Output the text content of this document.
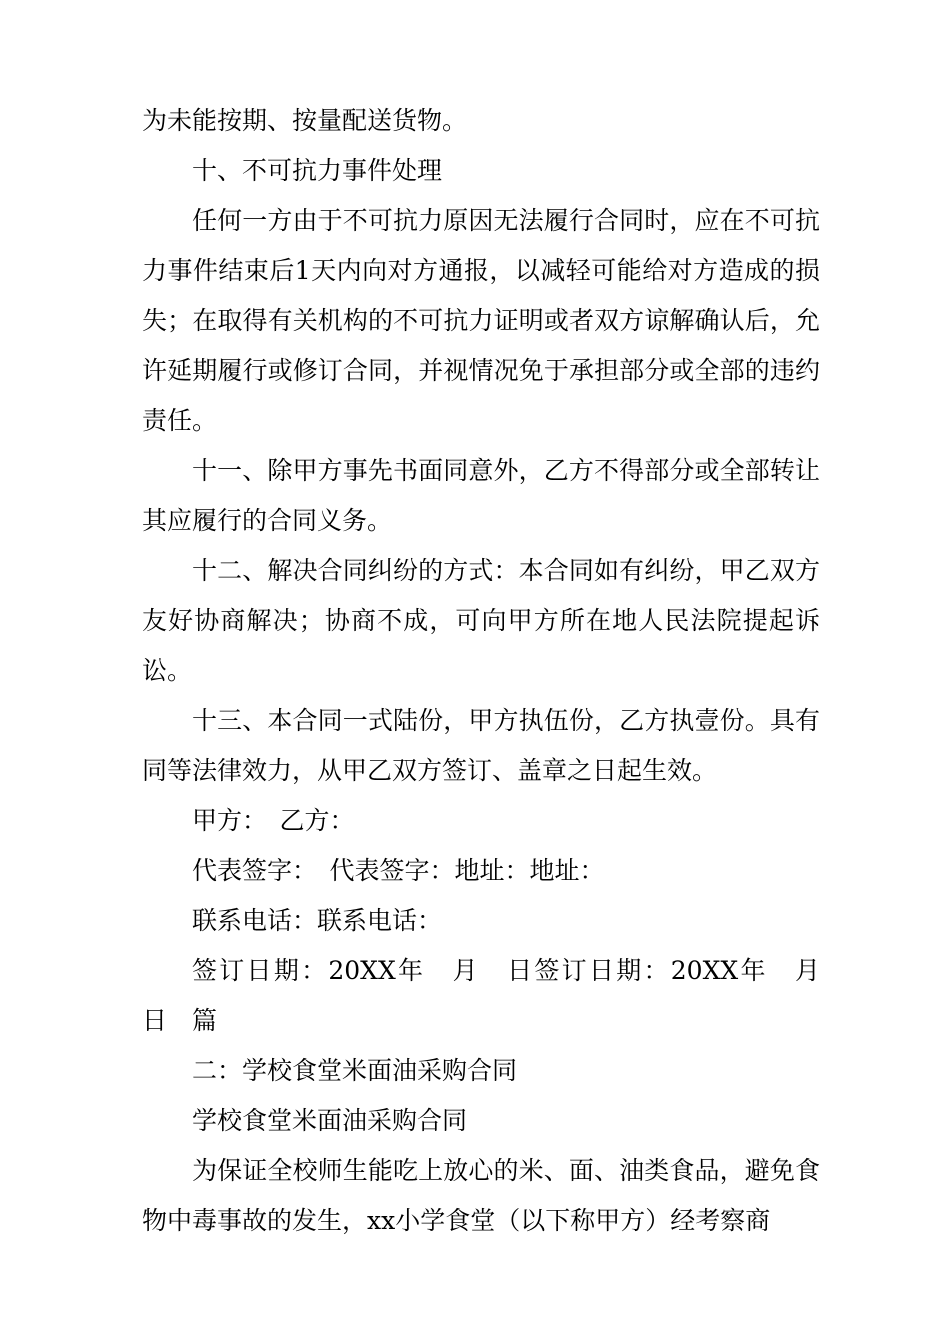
为未能按期、按量配送货物。

十、不可抗力事件处理

任何一方由于不可抗力原因无法履行合同时，应在不可抗力事件结束后1天内向对方通报，以减轻可能给对方造成的损失；在取得有关机构的不可抗力证明或者双方谅解确认后，允许延期履行或修订合同，并视情况免于承担部分或全部的违约责任。

十一、除甲方事先书面同意外，乙方不得部分或全部转让其应履行的合同义务。

十二、解决合同纠纷的方式：本合同如有纠纷，甲乙双方友好协商解决；协商不成，可向甲方所在地人民法院提起诉讼。

十三、本合同一式陆份，甲方执伍份，乙方执壹份。具有同等法律效力，从甲乙双方签订、盖章之日起生效。

甲方：　乙方：

代表签字：　代表签字：地址：地址：

联系电话：联系电话：

签订日期：20XX年　月　日签订日期：20XX年　月　日　篇

二：学校食堂米面油采购合同

学校食堂米面油采购合同

为保证全校师生能吃上放心的米、面、油类食品，避免食物中毒事故的发生，xx小学食堂（以下称甲方）经考察商
